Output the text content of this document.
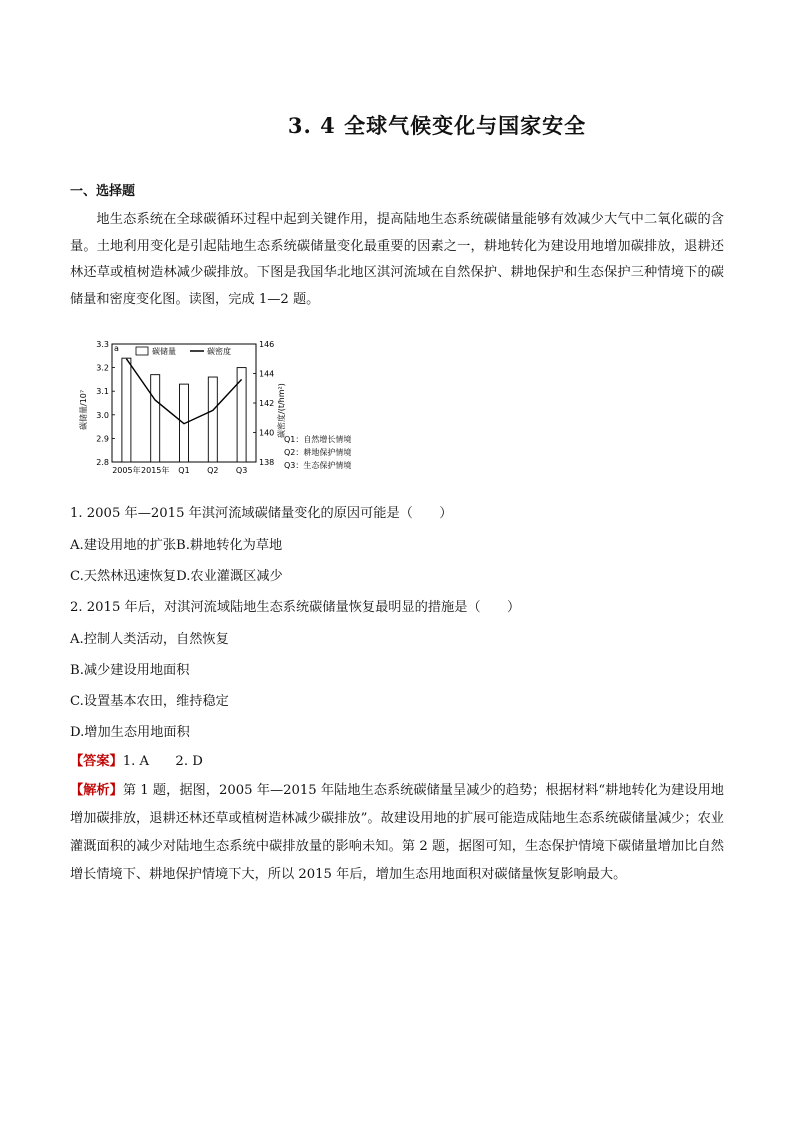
3. 4 全球气候变化与国家安全
一、选择题
地生态系统在全球碳循环过程中起到关键作用，提高陆地生态系统碳储量能够有效减少大气中二氧化碳的含量。土地利用变化是引起陆地生态系统碳储量变化最重要的因素之一，耕地转化为建设用地增加碳排放，退耕还林还草或植树造林减少碳排放。下图是我国华北地区淇河流域在自然保护、耕地保护和生态保护三种情境下的碳储量和密度变化图。读图，完成 1—2 题。
a	碳储量	碳密度
碳储量/10⁷	碳密度/(t/hm²)
2.8
2.9
3.0
3.1
3.2
3.3
138
140
142
144
146
2005年 2015年 Q1 Q2 Q3
Q1：自然增长情境
Q2：耕地保护情境
Q3：生态保护情境
1. 2005 年—2015 年淇河流域碳储量变化的原因可能是（　　）
A.建设用地的扩张B.耕地转化为草地
C.天然林迅速恢复D.农业灌溉区减少
2. 2015 年后，对淇河流域陆地生态系统碳储量恢复最明显的措施是（　　）
A.控制人类活动，自然恢复
B.减少建设用地面积
C.设置基本农田，维持稳定
D.增加生态用地面积
【答案】1. A　　2. D
【解析】第 1 题，据图，2005 年—2015 年陆地生态系统碳储量呈减少的趋势；根据材料“耕地转化为建设用地增加碳排放，退耕还林还草或植树造林减少碳排放”。故建设用地的扩展可能造成陆地生态系统碳储量减少；农业灌溉面积的减少对陆地生态系统中碳排放量的影响未知。第 2 题，据图可知，生态保护情境下碳储量增加比自然增长情境下、耕地保护情境下大，所以 2015 年后，增加生态用地面积对碳储量恢复影响最大。
